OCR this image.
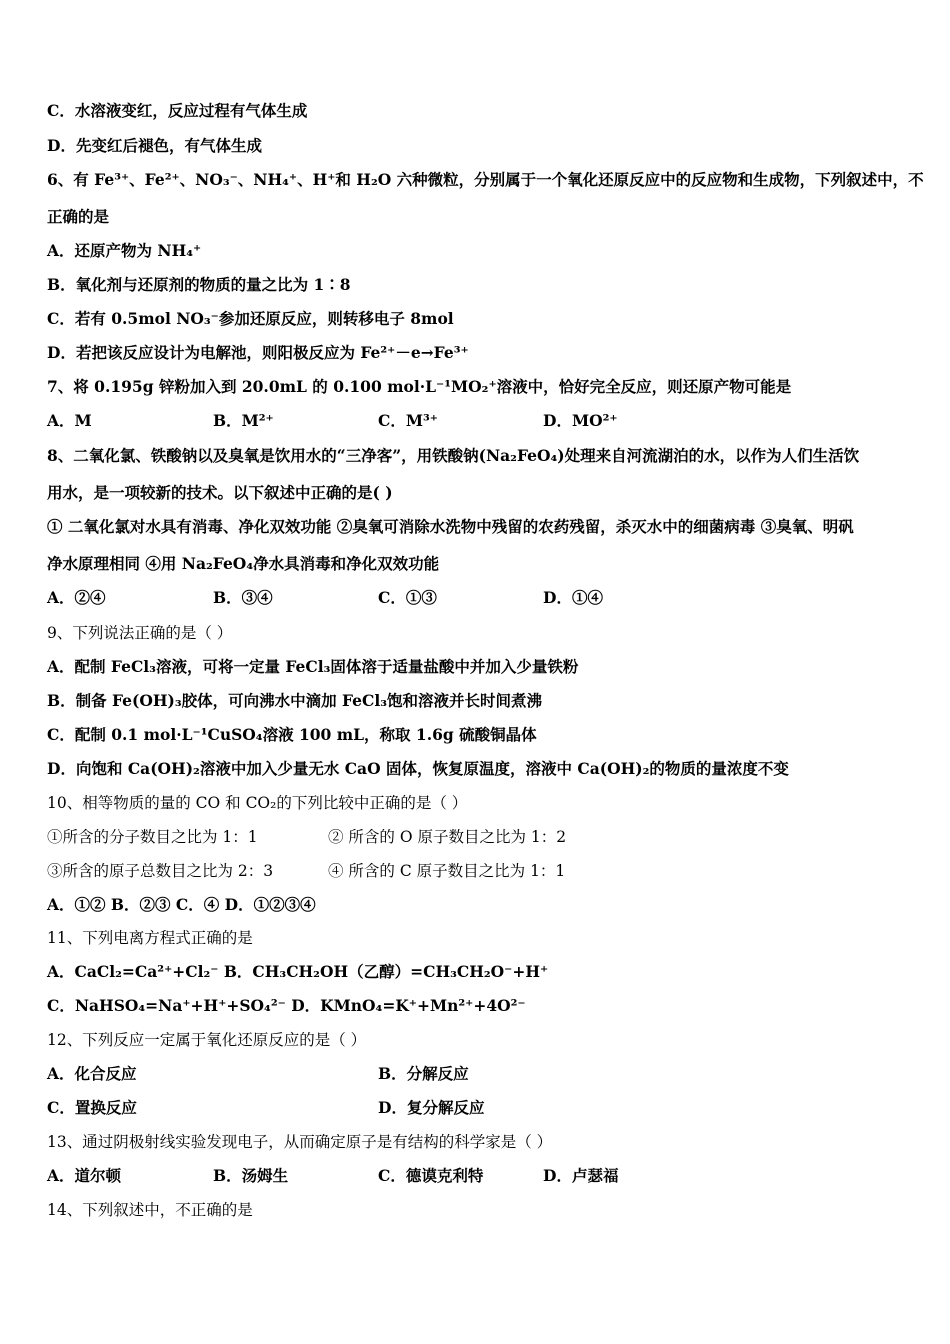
C．水溶液变红，反应过程有气体生成
D．先变红后褪色，有气体生成
6、有 Fe³⁺、Fe²⁺、NO₃⁻、NH₄⁺、H⁺和 H₂O 六种微粒，分别属于一个氧化还原反应中的反应物和生成物，下列叙述中，不
正确的是
A．还原产物为 NH₄⁺
B．氧化剂与还原剂的物质的量之比为 1∶8
C．若有 0.5mol NO₃⁻参加还原反应，则转移电子 8mol
D．若把该反应设计为电解池，则阳极反应为 Fe²⁺－e→Fe³⁺
7、将 0.195g 锌粉加入到 20.0mL 的 0.100 mol·L⁻¹MO₂⁺溶液中，恰好完全反应，则还原产物可能是
A．M	B．M²⁺	C．M³⁺	D．MO²⁺
8、二氧化氯、铁酸钠以及臭氧是饮用水的“三净客”，用铁酸钠(Na₂FeO₄)处理来自河流湖泊的水，以作为人们生活饮
用水，是一项较新的技术。以下叙述中正确的是( )
① 二氧化氯对水具有消毒、净化双效功能 ②臭氧可消除水洗物中残留的农药残留，杀灭水中的细菌病毒 ③臭氧、明矾
净水原理相同 ④用 Na₂FeO₄净水具消毒和净化双效功能
A．②④	B．③④	C．①③	D．①④
9、下列说法正确的是（ ）
A．配制 FeCl₃溶液，可将一定量 FeCl₃固体溶于适量盐酸中并加入少量铁粉
B．制备 Fe(OH)₃胶体，可向沸水中滴加 FeCl₃饱和溶液并长时间煮沸
C．配制 0.1 mol·L⁻¹CuSO₄溶液 100 mL，称取 1.6g 硫酸铜晶体
D．向饱和 Ca(OH)₂溶液中加入少量无水 CaO 固体，恢复原温度，溶液中 Ca(OH)₂的物质的量浓度不变
10、相等物质的量的 CO 和 CO₂的下列比较中正确的是（ ）
①所含的分子数目之比为 1：1	② 所含的 O 原子数目之比为 1：2
③所含的原子总数目之比为 2：3	④ 所含的 C 原子数目之比为 1：1
A．①② B．②③ C．④ D．①②③④
11、下列电离方程式正确的是
A．CaCl₂=Ca²⁺+Cl₂⁻ B．CH₃CH₂OH（乙醇）=CH₃CH₂O⁻+H⁺
C．NaHSO₄=Na⁺+H⁺+SO₄²⁻ D．KMnO₄=K⁺+Mn²⁺+4O²⁻
12、下列反应一定属于氧化还原反应的是（ ）
A．化合反应	B．分解反应
C．置换反应	D．复分解反应
13、通过阴极射线实验发现电子，从而确定原子是有结构的科学家是（ ）
A．道尔顿	B．汤姆生	C．德谟克利特	D．卢瑟福
14、下列叙述中，不正确的是
